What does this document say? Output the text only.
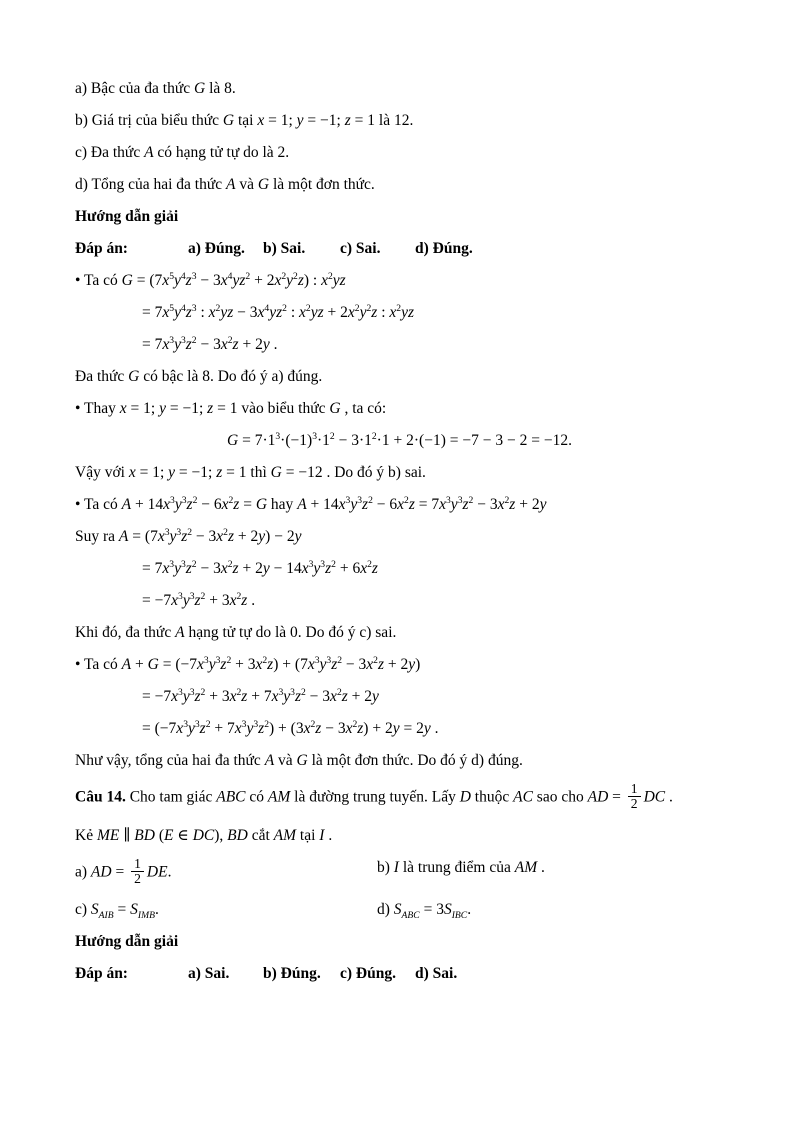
a) Bậc của đa thức G là 8.
b) Giá trị của biểu thức G tại x = 1; y = −1; z = 1 là 12.
c) Đa thức A có hạng tử tự do là 2.
d) Tổng của hai đa thức A và G là một đơn thức.
Hướng dẫn giải
Đáp án:	a) Đúng. b) Sai. c) Sai. d) Đúng.
• Ta có $G = (7x^5y^4z^3 - 3x^4yz^2 + 2x^2y^2z)$ : $x^2yz$
= $7x^5y^4z^3$ : $x^2yz - 3x^4yz^2$ : $x^2yz + 2x^2y^2z$ : $x^2yz$
= $7x^3y^3z^2 - 3x^2z + 2y$ .
Đa thức G có bậc là 8. Do đó ý a) đúng.
• Thay x = 1; y = −1; z = 1 vào biểu thức G , ta có:
$G = 7\cdot 1^3\cdot(-1)^3\cdot 1^2 - 3\cdot 1^2\cdot 1 + 2\cdot(-1) = -7 - 3 - 2 = -12$.
Vậy với x = 1; y = −1; z = 1 thì G = −12 . Do đó ý b) sai.
• Ta có $A + 14x^3y^3z^2 - 6x^2z = G$ hay $A + 14x^3y^3z^2 - 6x^2z = 7x^3y^3z^2 - 3x^2z + 2y$
Suy ra $A = (7x^3y^3z^2 - 3x^2z + 2y) - 2y$
= $7x^3y^3z^2 - 3x^2z + 2y - 14x^3y^3z^2 + 6x^2z$
= $-7x^3y^3z^2 + 3x^2z$ .
Khi đó, đa thức A hạng tử tự do là 0. Do đó ý c) sai.
• Ta có $A + G = (-7x^3y^3z^2 + 3x^2z) + (7x^3y^3z^2 - 3x^2z + 2y)$
= $-7x^3y^3z^2 + 3x^2z + 7x^3y^3z^2 - 3x^2z + 2y$
= $(-7x^3y^3z^2 + 7x^3y^3z^2) + (3x^2z - 3x^2z) + 2y = 2y$ .
Như vậy, tổng của hai đa thức A và G là một đơn thức. Do đó ý d) đúng.
Câu 14. Cho tam giác ABC có AM là đường trung tuyến. Lấy D thuộc AC sao cho AD = $\frac{1}{2}$ DC .
Kẻ ME ∥ BD (E ∈ DC), BD cắt AM tại I .
a) AD = $\frac{1}{2}$ DE.	b) I là trung điểm của AM .
c) $S_{AIB} = S_{IMB}$.	d) $S_{ABC} = 3S_{IBC}$.
Hướng dẫn giải
Đáp án:	a) Sai. b) Đúng. c) Đúng. d) Sai.
